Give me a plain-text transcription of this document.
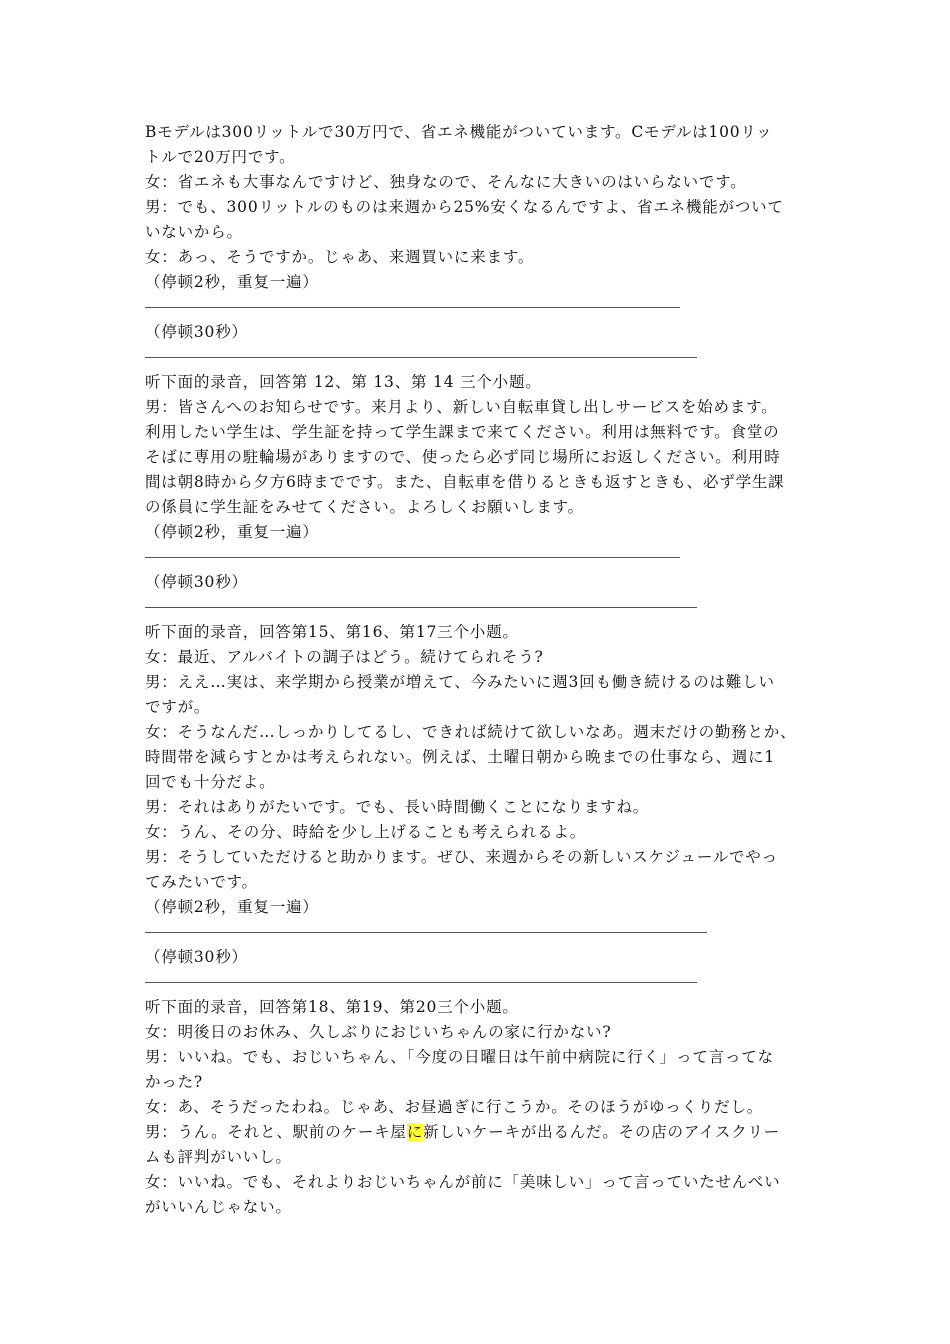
Bモデルは300リットルで30万円で、省エネ機能がついています。Cモデルは100リッ

トルで20万円です。

女：省エネも大事なんですけど、独身なので、そんなに大きいのはいらないです。

男：でも、300リットルのものは来週から25%安くなるんですよ、省エネ機能がついて

いないから。

女：あっ、そうですか。じゃあ、来週買いに来ます。

（停顿2秒，重复一遍）

（停顿30秒）

听下面的录音，回答第 12、第 13、第 14 三个小题。

男：皆さんへのお知らせです。来月より、新しい自転車貸し出しサービスを始めます。

利用したい学生は、学生証を持って学生課まで来てください。利用は無料です。食堂の

そばに専用の駐輪場がありますので、使ったら必ず同じ場所にお返しください。利用時

間は朝8時から夕方6時までです。また、自転車を借りるときも返すときも、必ず学生課

の係員に学生証をみせてください。よろしくお願いします。

（停顿2秒，重复一遍）

（停顿30秒）

听下面的录音，回答第15、第16、第17三个小题。

女：最近、アルバイトの調子はどう。続けてられそう?

男：ええ…実は、来学期から授業が増えて、今みたいに週3回も働き続けるのは難しい

ですが。

女：そうなんだ…しっかりしてるし、できれば続けて欲しいなあ。週末だけの勤務とか、

時間帯を減らすとかは考えられない。例えば、土曜日朝から晩までの仕事なら、週に1

回でも十分だよ。

男：それはありがたいです。でも、長い時間働くことになりますね。

女：うん、その分、時給を少し上げることも考えられるよ。

男：そうしていただけると助かります。ぜひ、来週からその新しいスケジュールでやっ

てみたいです。

（停顿2秒，重复一遍）

（停顿30秒）

听下面的录音，回答第18、第19、第20三个小题。

女：明後日のお休み、久しぶりにおじいちゃんの家に行かない?

男：いいね。でも、おじいちゃん、「今度の日曜日は午前中病院に行く」って言ってな

かった?

女：あ、そうだったわね。じゃあ、お昼過ぎに行こうか。そのほうがゆっくりだし。

男：うん。それと、駅前のケーキ屋に新しいケーキが出るんだ。その店のアイスクリー

ムも評判がいいし。

女：いいね。でも、それよりおじいちゃんが前に「美味しい」って言っていたせんべい

がいいんじゃない。
